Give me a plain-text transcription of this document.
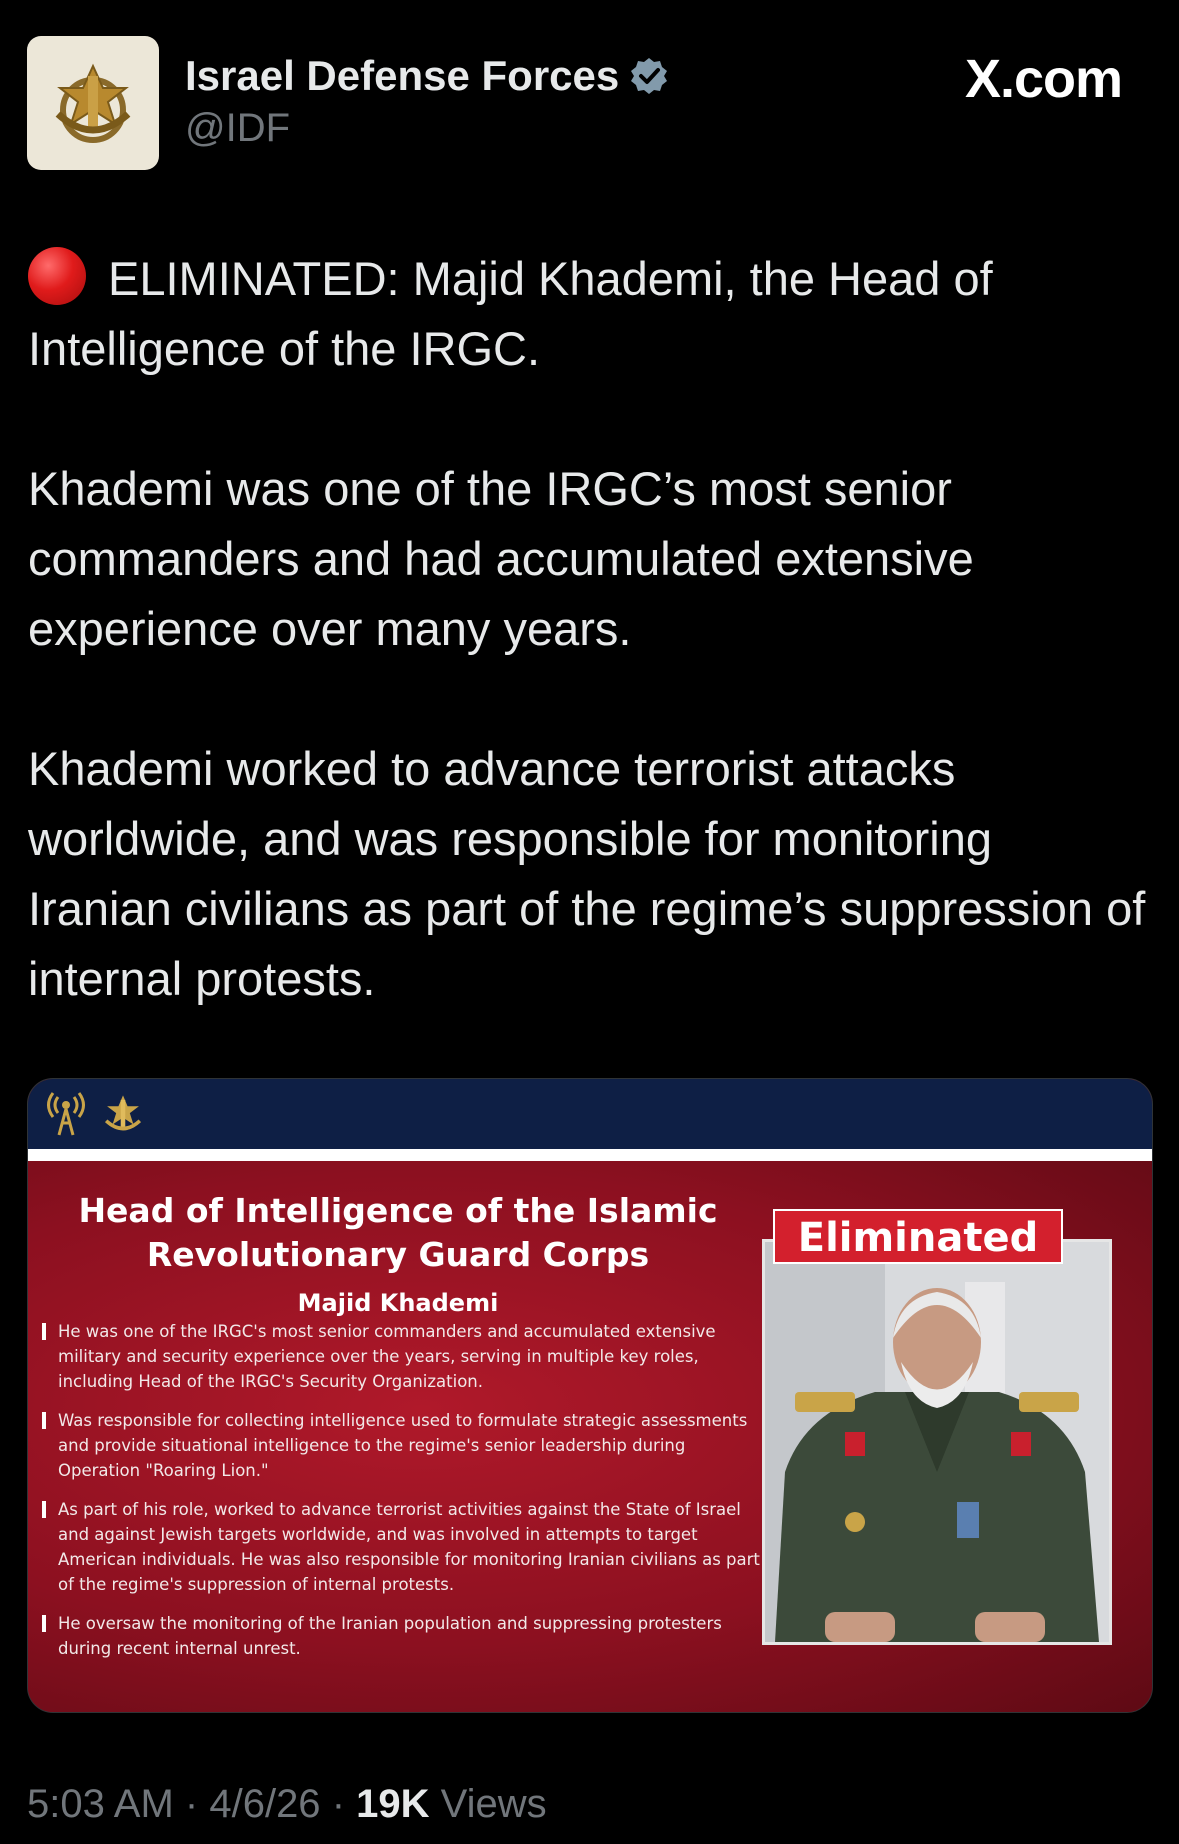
Israel Defense Forces
@IDF
X.com

ELIMINATED: Majid Khademi, the Head of Intelligence of the IRGC.

Khademi was one of the IRGC’s most senior commanders and had accumulated extensive experience over many years.

Khademi worked to advance terrorist attacks worldwide, and was responsible for monitoring Iranian civilians as part of the regime’s suppression of internal protests.

Head of Intelligence of the Islamic Revolutionary Guard Corps
Majid Khademi
He was one of the IRGC's most senior commanders and accumulated extensive military and security experience over the years, serving in multiple key roles, including Head of the IRGC's Security Organization.
Was responsible for collecting intelligence used to formulate strategic assessments and provide situational intelligence to the regime's senior leadership during Operation "Roaring Lion."
As part of his role, worked to advance terrorist activities against the State of Israel and against Jewish targets worldwide, and was involved in attempts to target American individuals. He was also responsible for monitoring Iranian civilians as part of the regime's suppression of internal protests.
He oversaw the monitoring of the Iranian population and suppressing protesters during recent internal unrest.
Eliminated
5:03 AM · 4/6/26 · 19K Views
